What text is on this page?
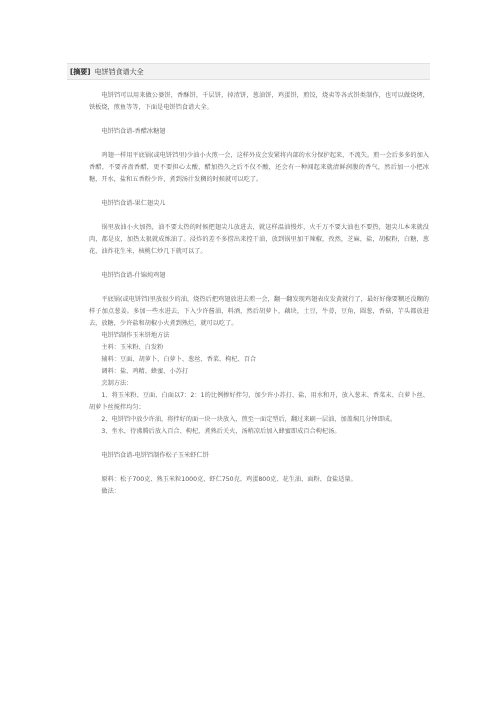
[摘要] 电饼铛食谱大全

电饼铛可以用来做公婆饼，香酥饼，千层饼，掉渣饼，葱油饼，鸡蛋饼，煎饺，烧卖等各式饼类制作，也可以做烧烤，铁板烧，煎鱼等等，下面是电饼铛食谱大全。

电饼铛食谱-香醋冰糖翅

鸡翅一样用平底锅(或电饼铛里)少油小火煎一会，这样外皮会发紧将内部的水分保护起来，不流失。煎一会后多多的加入香醋，不要吝啬香醋，更不要担心太酸，醋加热久之后不仅不酸，还会有一种闻起来就清鲜润腹的香气，然后加一小把冰糖，开水，盐和五香粉少许，煮到汤汁发稠的时候就可以吃了。

电饼铛食谱-果仁翅尖儿

锅里放油小火加热，油不要太热的时候把翅尖儿放进去，就这样温油慢炸，火千万不要大油也不要热，翅尖儿本来就没肉，都是皮，加热太狠就成炼油了。浸炸的差不多捞出来控干油，放到锅里加干辣椒，孜然，芝麻，盐，胡椒粉，白糖，葱花，油炸花生米，核桃仁炒几下就可以了。

电饼铛食谱-什锦炖鸡翅

平底锅(或电饼铛)里放很少的油，烧热后把鸡翅放进去煎一会，翻一翻发现鸡翅表皮发黄就行了，最好好像要糊还没糊的样子加点葱姜。多加一些水进去，下入少许酱油，料酒，然后胡萝卜，藕块，土豆，牛蒡，豆角，圆葱，香菇，芋头都放进去，放糖，少许盐和胡椒小火煮到熟烂，就可以吃了。

电饼铛制作玉米饼地方法

主料：玉米粉、白发粉

辅料：豆面、胡萝卜、白萝卜、葱丝、香菜、枸杞、百合

调料：盐、鸡精、蜂蜜、小苏打

烹制方法：

1、将玉米粉、豆面、白面以7：2：1的比例掺好拌匀，加少许小苏打、盐，用水和开，放入葱末、香菜末、白萝卜丝、胡萝卜丝搅拌均匀；

2、电饼铛中放少许油，将拌好的面一块一块放入，煎至一面定型后，翻过来刷一层油，加盖焖几分钟即成。

3、坐水，待沸腾后放入百合、枸杞，煮熟后关火，汤稍凉后加入蜂蜜即成百合枸杞汤。

电饼铛食谱-电饼铛制作松子玉米虾仁饼

原料：松子700克、熟玉米粒1000克、虾仁750克、鸡蛋800克、花生油、面粉、食盐适量。

做法：
